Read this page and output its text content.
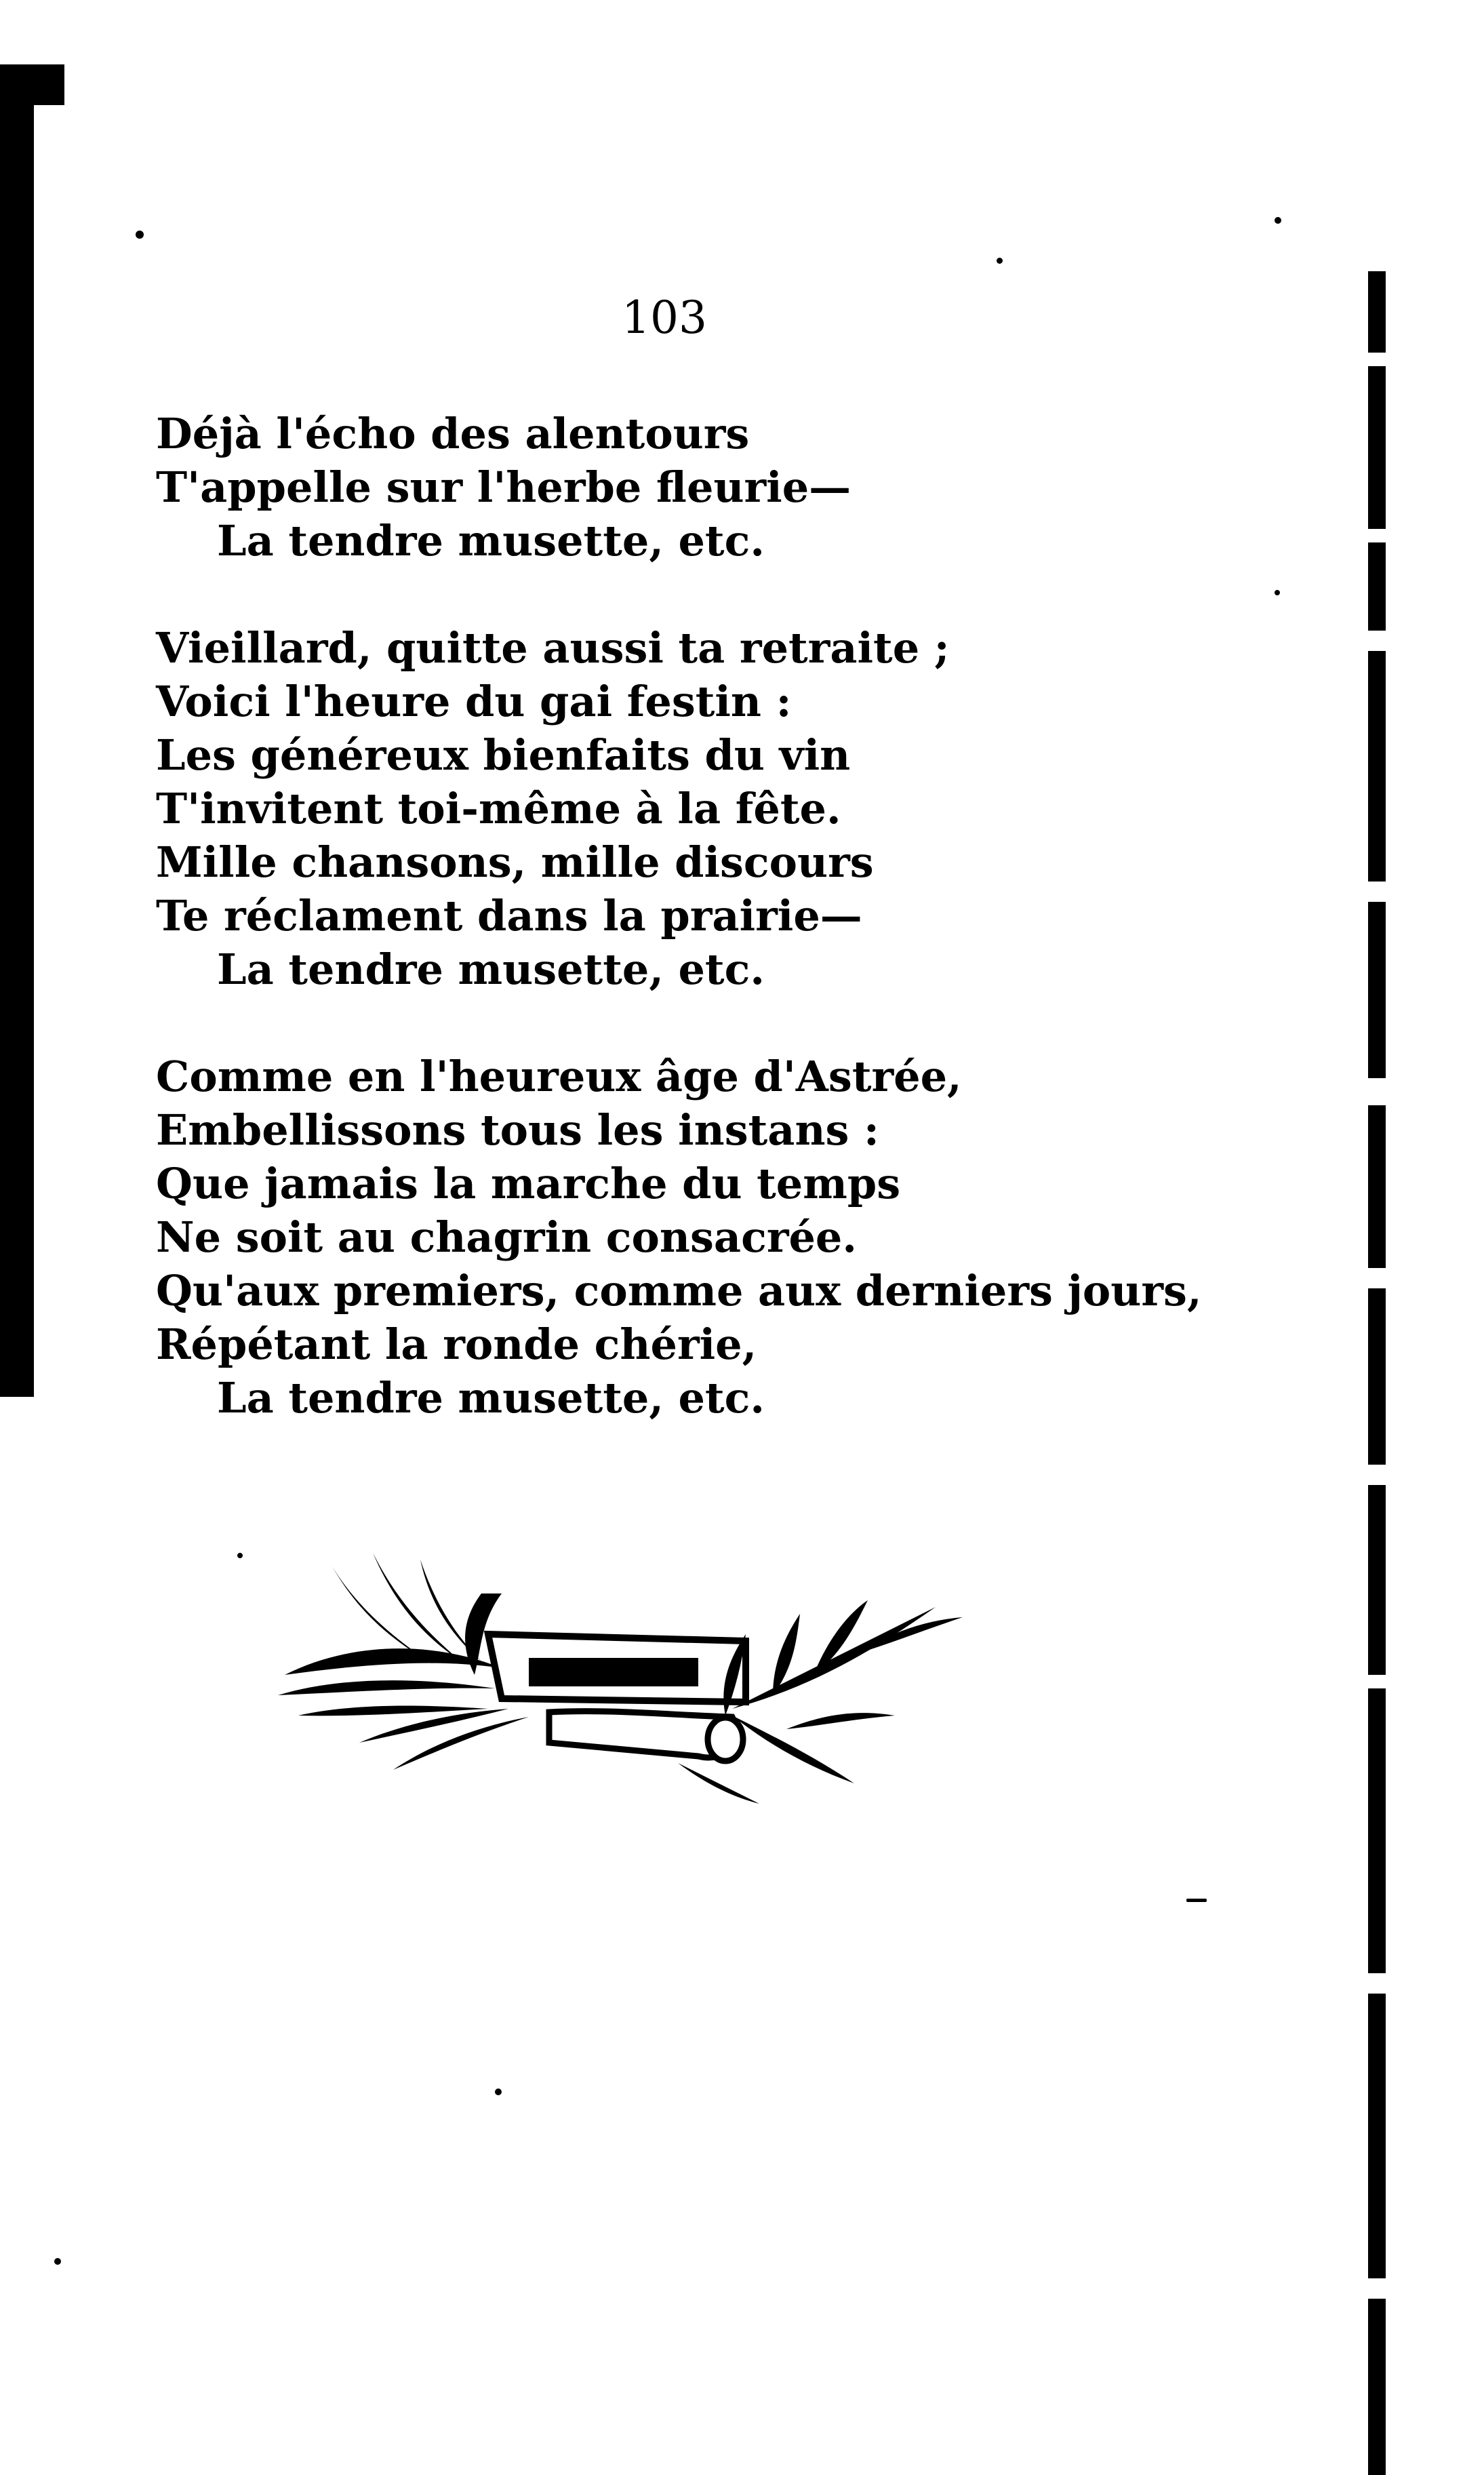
103
Déjà l'écho des alentours
T'appelle sur l'herbe fleurie—
La tendre musette, etc.
Vieillard, quitte aussi ta retraite ;
Voici l'heure du gai festin :
Les généreux bienfaits du vin
T'invitent toi-même à la fête.
Mille chansons, mille discours
Te réclament dans la prairie—
La tendre musette, etc.
Comme en l'heureux âge d'Astrée,
Embellissons tous les instans :
Que jamais la marche du temps
Ne soit au chagrin consacrée.
Qu'aux premiers, comme aux derniers jours,
Répétant la ronde chérie,
La tendre musette, etc.
